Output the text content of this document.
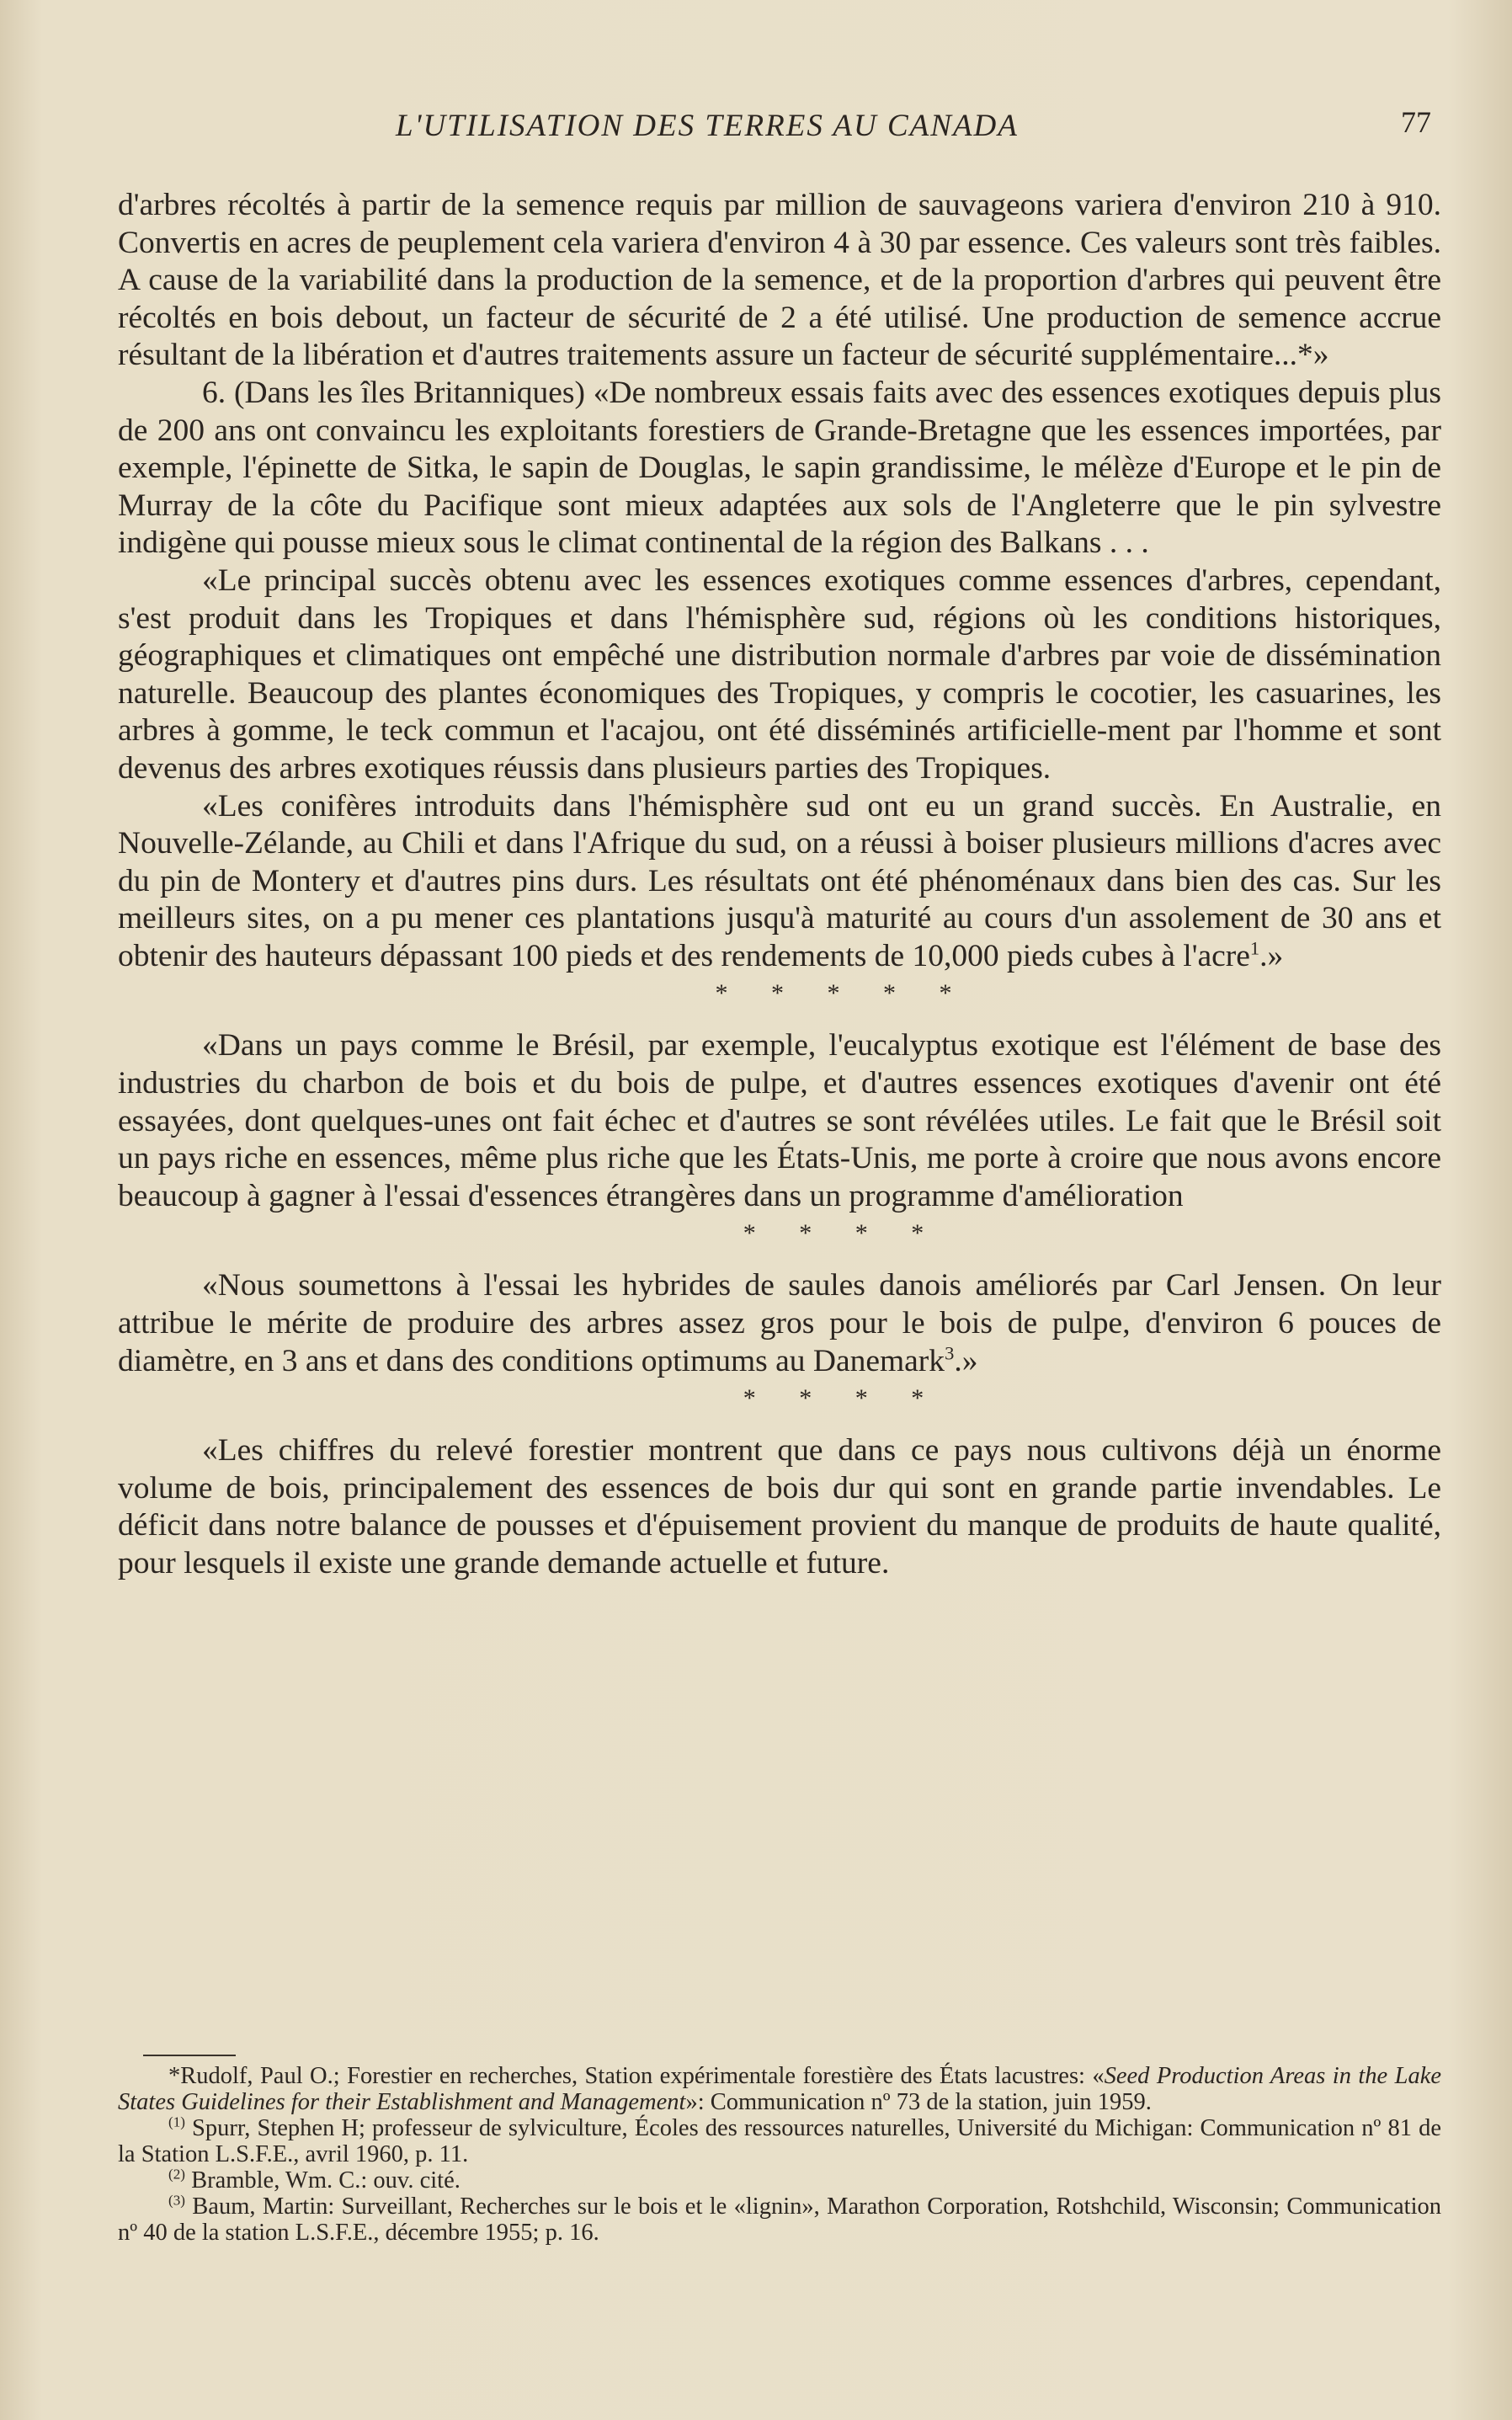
L'UTILISATION DES TERRES AU CANADA	77

d'arbres récoltés à partir de la semence requis par million de sauvageons variera d'environ 210 à 910. Convertis en acres de peuplement cela variera d'environ 4 à 30 par essence. Ces valeurs sont très faibles. A cause de la variabilité dans la production de la semence, et de la proportion d'arbres qui peuvent être récoltés en bois debout, un facteur de sécurité de 2 a été utilisé. Une production de semence accrue résultant de la libération et d'autres traitements assure un facteur de sécurité supplémentaire...*»

6. (Dans les îles Britanniques) «De nombreux essais faits avec des essences exotiques depuis plus de 200 ans ont convaincu les exploitants forestiers de Grande-Bretagne que les essences importées, par exemple, l'épinette de Sitka, le sapin de Douglas, le sapin grandissime, le mélèze d'Europe et le pin de Murray de la côte du Pacifique sont mieux adaptées aux sols de l'Angleterre que le pin sylvestre indigène qui pousse mieux sous le climat continental de la région des Balkans . . .

«Le principal succès obtenu avec les essences exotiques comme essences d'arbres, cependant, s'est produit dans les Tropiques et dans l'hémisphère sud, régions où les conditions historiques, géographiques et climatiques ont empêché une distribution normale d'arbres par voie de dissémination naturelle. Beaucoup des plantes économiques des Tropiques, y compris le cocotier, les casuarines, les arbres à gomme, le teck commun et l'acajou, ont été disséminés artificielle-ment par l'homme et sont devenus des arbres exotiques réussis dans plusieurs parties des Tropiques.

«Les conifères introduits dans l'hémisphère sud ont eu un grand succès. En Australie, en Nouvelle-Zélande, au Chili et dans l'Afrique du sud, on a réussi à boiser plusieurs millions d'acres avec du pin de Montery et d'autres pins durs. Les résultats ont été phénoménaux dans bien des cas. Sur les meilleurs sites, on a pu mener ces plantations jusqu'à maturité au cours d'un assolement de 30 ans et obtenir des hauteurs dépassant 100 pieds et des rendements de 10,000 pieds cubes à l'acre$^1$.»

* * * * *

«Dans un pays comme le Brésil, par exemple, l'eucalyptus exotique est l'élément de base des industries du charbon de bois et du bois de pulpe, et d'autres essences exotiques d'avenir ont été essayées, dont quelques-unes ont fait échec et d'autres se sont révélées utiles. Le fait que le Brésil soit un pays riche en essences, même plus riche que les États-Unis, me porte à croire que nous avons encore beaucoup à gagner à l'essai d'essences étrangères dans un programme d'amélioration

* * * *

«Nous soumettons à l'essai les hybrides de saules danois améliorés par Carl Jensen. On leur attribue le mérite de produire des arbres assez gros pour le bois de pulpe, d'environ 6 pouces de diamètre, en 3 ans et dans des conditions optimums au Danemark$^3$.»

* * * *

«Les chiffres du relevé forestier montrent que dans ce pays nous cultivons déjà un énorme volume de bois, principalement des essences de bois dur qui sont en grande partie invendables. Le déficit dans notre balance de pousses et d'épuisement provient du manque de produits de haute qualité, pour lesquels il existe une grande demande actuelle et future.

*Rudolf, Paul O.; Forestier en recherches, Station expérimentale forestière des États lacustres: «Seed Production Areas in the Lake States Guidelines for their Establishment and Management»: Communication nº 73 de la station, juin 1959.

$^{(1)}$ Spurr, Stephen H; professeur de sylviculture, Écoles des ressources naturelles, Université du Michigan: Communication nº 81 de la Station L.S.F.E., avril 1960, p. 11.

$^{(2)}$ Bramble, Wm. C.: ouv. cité.

$^{(3)}$ Baum, Martin: Surveillant, Recherches sur le bois et le «lignin», Marathon Corporation, Rotshchild, Wisconsin; Communication nº 40 de la station L.S.F.E., décembre 1955; p. 16.
